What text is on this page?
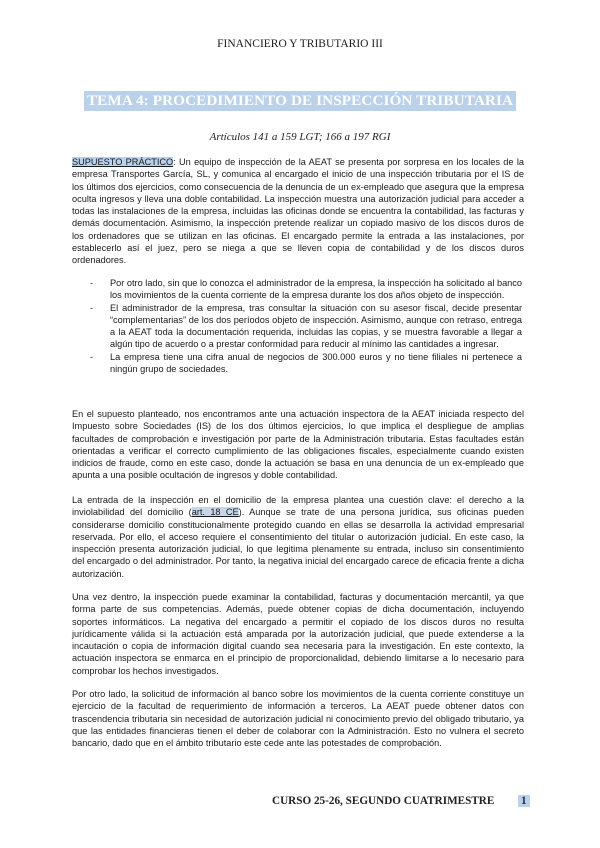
FINANCIERO Y TRIBUTARIO III
TEMA 4: PROCEDIMIENTO DE INSPECCIÓN TRIBUTARIA
Artículos 141 a 159 LGT; 166 a 197 RGI
SUPUESTO PRÁCTICO: Un equipo de inspección de la AEAT se presenta por sorpresa en los locales de la empresa Transportes García, SL, y comunica al encargado el inicio de una inspección tributaria por el IS de los últimos dos ejercicios, como consecuencia de la denuncia de un ex-empleado que asegura que la empresa oculta ingresos y lleva una doble contabilidad. La inspección muestra una autorización judicial para acceder a todas las instalaciones de la empresa, incluidas las oficinas donde se encuentra la contabilidad, las facturas y demás documentación. Asimismo, la inspección pretende realizar un copiado masivo de los discos duros de los ordenadores que se utilizan en las oficinas. El encargado permite la entrada a las instalaciones, por establecerlo así el juez, pero se niega a que se lleven copia de contabilidad y de los discos duros ordenadores.
- Por otro lado, sin que lo conozca el administrador de la empresa, la inspección ha solicitado al banco los movimientos de la cuenta corriente de la empresa durante los dos años objeto de inspección.
- El administrador de la empresa, tras consultar la situación con su asesor fiscal, decide presentar “complementarias” de los dos períodos objeto de inspección. Asimismo, aunque con retraso, entrega a la AEAT toda la documentación requerida, incluidas las copias, y se muestra favorable a llegar a algún tipo de acuerdo o a prestar conformidad para reducir al mínimo las cantidades a ingresar.
- La empresa tiene una cifra anual de negocios de 300.000 euros y no tiene filiales ni pertenece a ningún grupo de sociedades.
En el supuesto planteado, nos encontramos ante una actuación inspectora de la AEAT iniciada respecto del Impuesto sobre Sociedades (IS) de los dos últimos ejercicios, lo que implica el despliegue de amplias facultades de comprobación e investigación por parte de la Administración tributaria. Estas facultades están orientadas a verificar el correcto cumplimiento de las obligaciones fiscales, especialmente cuando existen indicios de fraude, como en este caso, donde la actuación se basa en una denuncia de un ex-empleado que apunta a una posible ocultación de ingresos y doble contabilidad.
La entrada de la inspección en el domicilio de la empresa plantea una cuestión clave: el derecho a la inviolabilidad del domicilio (art. 18 CE). Aunque se trate de una persona jurídica, sus oficinas pueden considerarse domicilio constitucionalmente protegido cuando en ellas se desarrolla la actividad empresarial reservada. Por ello, el acceso requiere el consentimiento del titular o autorización judicial. En este caso, la inspección presenta autorización judicial, lo que legitima plenamente su entrada, incluso sin consentimiento del encargado o del administrador. Por tanto, la negativa inicial del encargado carece de eficacia frente a dicha autorización.
Una vez dentro, la inspección puede examinar la contabilidad, facturas y documentación mercantil, ya que forma parte de sus competencias. Además, puede obtener copias de dicha documentación, incluyendo soportes informáticos. La negativa del encargado a permitir el copiado de los discos duros no resulta jurídicamente válida si la actuación está amparada por la autorización judicial, que puede extenderse a la incautación o copia de información digital cuando sea necesaria para la investigación. En este contexto, la actuación inspectora se enmarca en el principio de proporcionalidad, debiendo limitarse a lo necesario para comprobar los hechos investigados.
Por otro lado, la solicitud de información al banco sobre los movimientos de la cuenta corriente constituye un ejercicio de la facultad de requerimiento de información a terceros. La AEAT puede obtener datos con trascendencia tributaria sin necesidad de autorización judicial ni conocimiento previo del obligado tributario, ya que las entidades financieras tienen el deber de colaborar con la Administración. Esto no vulnera el secreto bancario, dado que en el ámbito tributario este cede ante las potestades de comprobación.
CURSO 25-26, SEGUNDO CUATRIMESTRE 1
